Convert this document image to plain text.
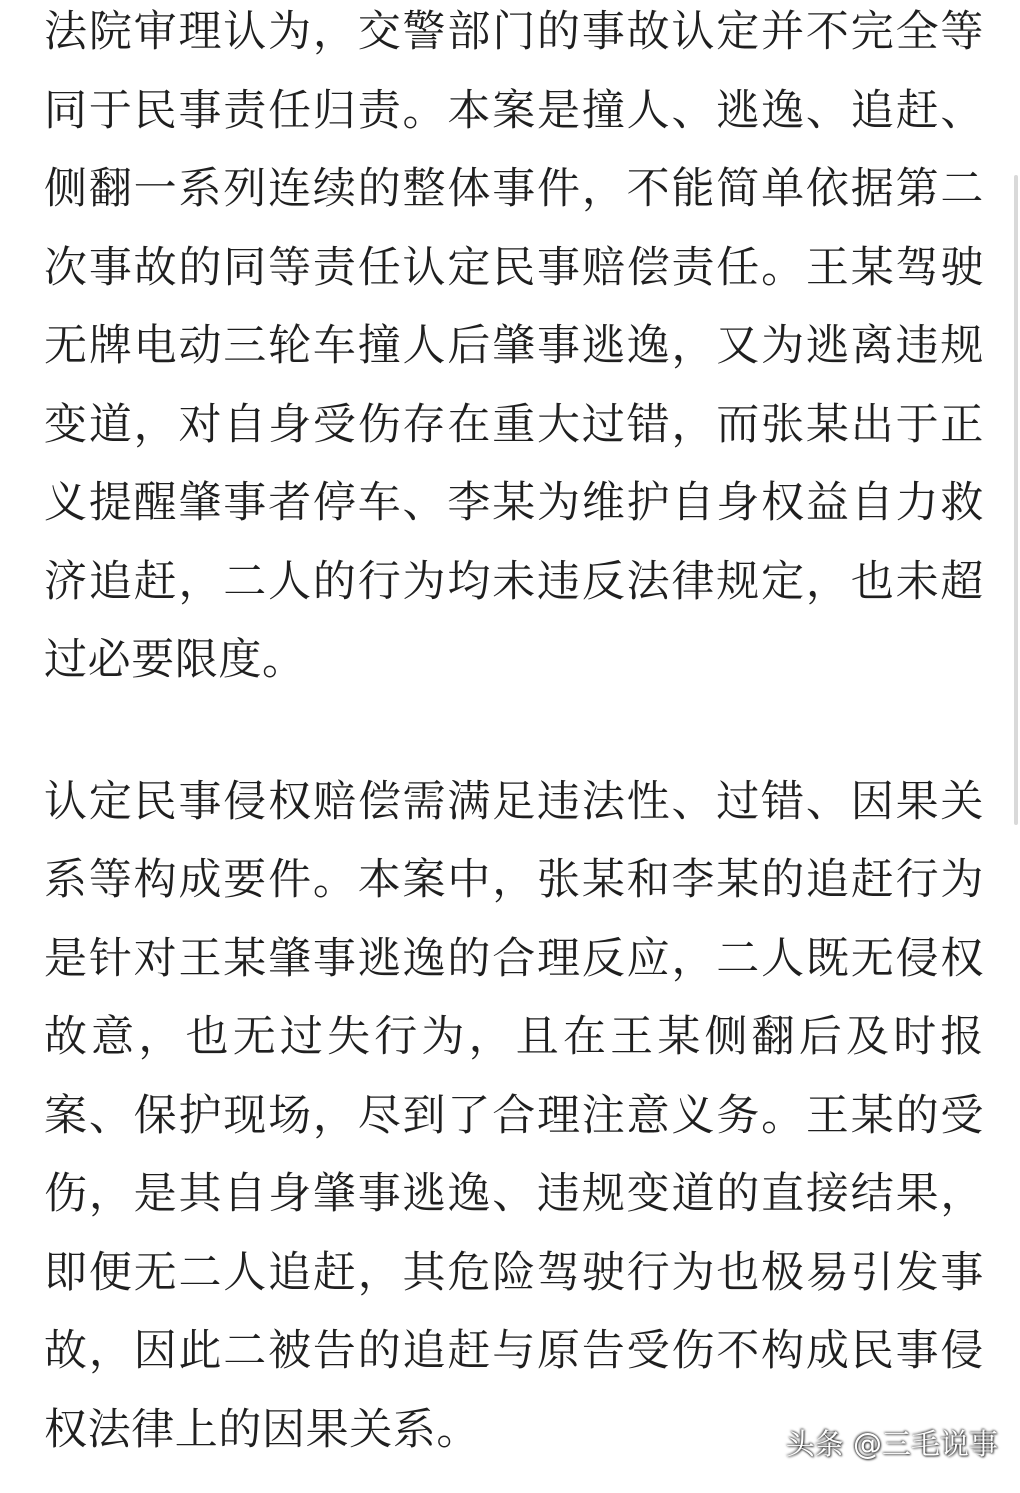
法院审理认为，交警部门的事故认定并不完全等同于民事责任归责。本案是撞人、逃逸、追赶、侧翻一系列连续的整体事件，不能简单依据第二次事故的同等责任认定民事赔偿责任。王某驾驶无牌电动三轮车撞人后肇事逃逸，又为逃离违规变道，对自身受伤存在重大过错，而张某出于正义提醒肇事者停车、李某为维护自身权益自力救济追赶，二人的行为均未违反法律规定，也未超过必要限度。

认定民事侵权赔偿需满足违法性、过错、因果关系等构成要件。本案中，张某和李某的追赶行为是针对王某肇事逃逸的合理反应，二人既无侵权故意，也无过失行为，且在王某侧翻后及时报案、保护现场，尽到了合理注意义务。王某的受伤，是其自身肇事逃逸、违规变道的直接结果，即便无二人追赶，其危险驾驶行为也极易引发事故，因此二被告的追赶与原告受伤不构成民事侵权法律上的因果关系。	头条 @三毛说事
